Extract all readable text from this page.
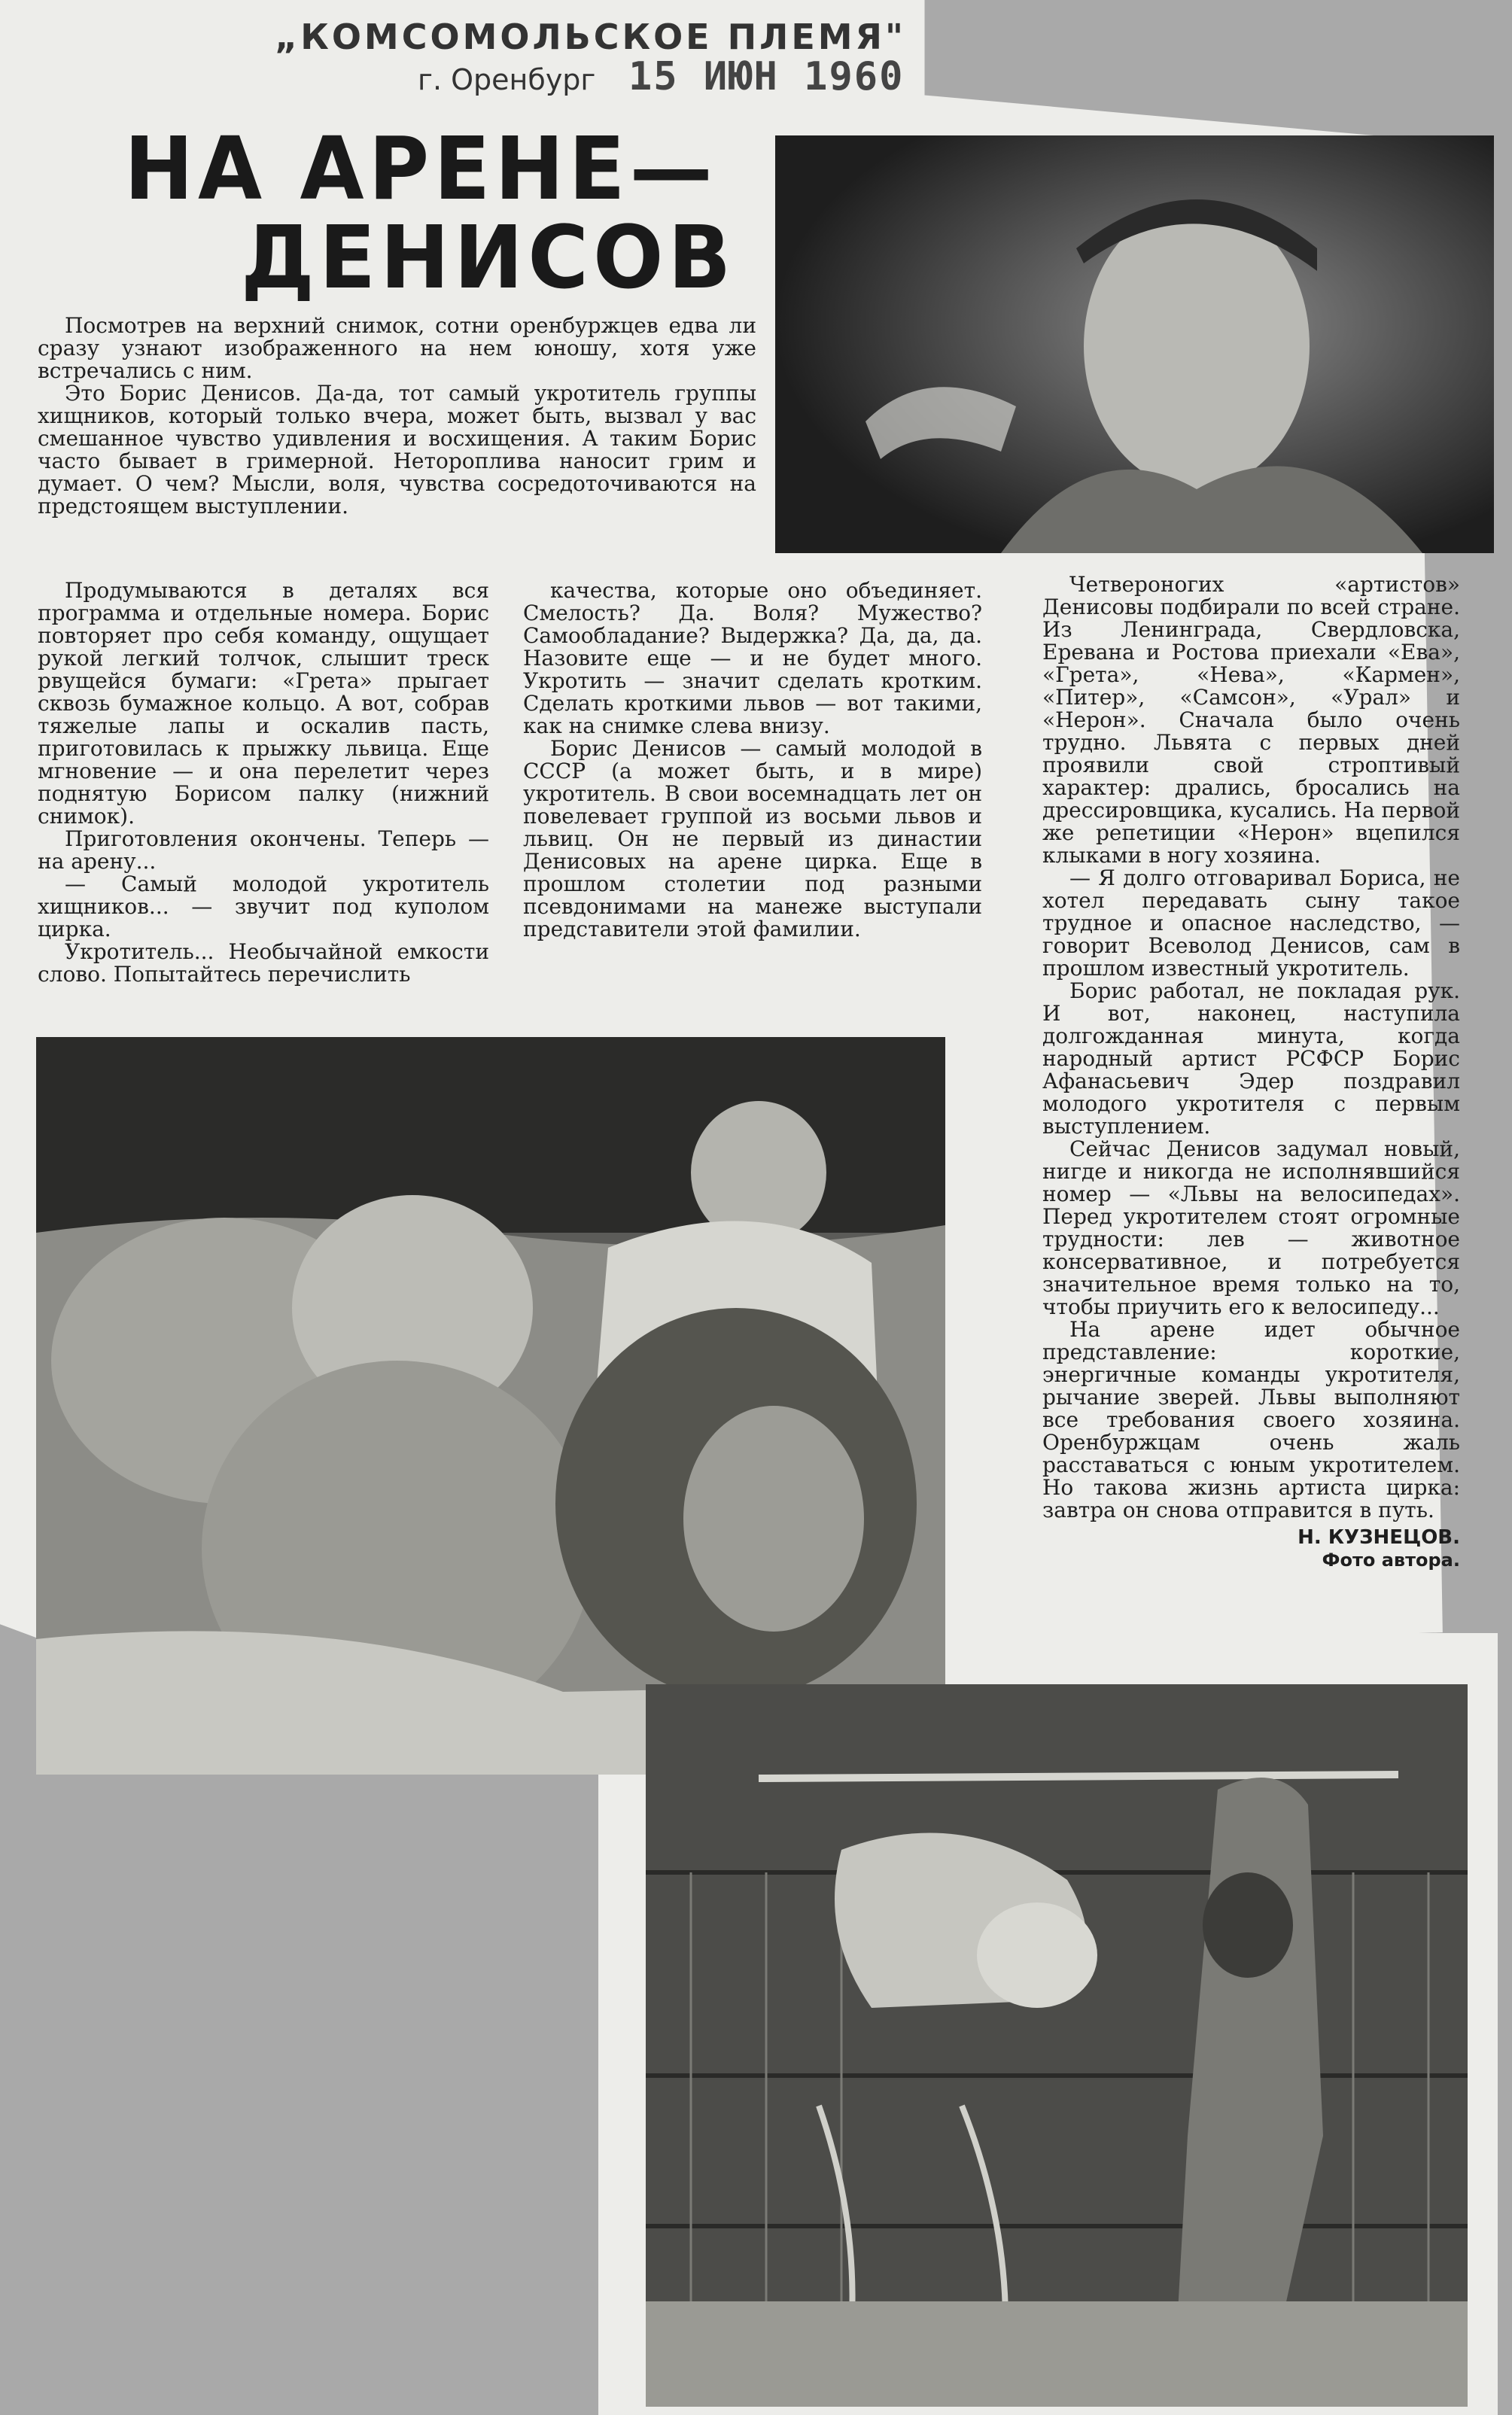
„КОМСОМОЛЬСКОЕ ПЛЕМЯ"
г. Оренбург 15 ИЮН 1960
НА АРЕНЕ—
ДЕНИСОВ

Посмотрев на верхний снимок, сотни оренбуржцев едва ли сразу узнают изображенного на нем юношу, хотя уже встречались с ним.

Это Борис Денисов. Да-да, тот самый укротитель группы хищников, который только вчера, может быть, вызвал у вас смешанное чувство удивления и восхищения. А таким Борис часто бывает в гримерной. Нетороплива наносит грим и думает. О чем? Мысли, воля, чувства сосредоточиваются на предстоящем выступлении.

Продумываются в деталях вся программа и отдельные номера. Борис повторяет про себя команду, ощущает рукой легкий толчок, слышит треск рвущейся бумаги: «Грета» прыгает сквозь бумажное кольцо. А вот, собрав тяжелые лапы и оскалив пасть, приготовилась к прыжку львица. Еще мгновение — и она перелетит через поднятую Борисом палку (нижний снимок).

Приготовления окончены. Теперь — на арену...

— Самый молодой укротитель хищников... — звучит под куполом цирка.

Укротитель... Необычайной емкости слово. Попытайтесь перечислить

качества, которые оно объединяет. Смелость? Да. Воля? Мужество? Самообладание? Выдержка? Да, да, да. Назовите еще — и не будет много. Укротить — значит сделать кротким. Сделать кроткими львов — вот такими, как на снимке слева внизу.

Борис Денисов — самый молодой в СССР (а может быть, и в мире) укротитель. В свои восемнадцать лет он повелевает группой из восьми львов и львиц. Он не первый из династии Денисовых на арене цирка. Еще в прошлом столетии под разными псевдонимами на манеже выступали представители этой фамилии.

Четвероногих «артистов» Денисовы подбирали по всей стране. Из Ленинграда, Свердловска, Еревана и Ростова приехали «Ева», «Грета», «Нева», «Кармен», «Питер», «Самсон», «Урал» и «Нерон». Сначала было очень трудно. Львята с первых дней проявили свой строптивый характер: дрались, бросались на дрессировщика, кусались. На первой же репетиции «Нерон» вцепился клыками в ногу хозяина.

— Я долго отговаривал Бориса, не хотел передавать сыну такое трудное и опасное наследство, — говорит Всеволод Денисов, сам в прошлом известный укротитель.

Борис работал, не покладая рук. И вот, наконец, наступила долгожданная минута, когда народный артист РСФСР Борис Афанасьевич Эдер поздравил молодого укротителя с первым выступлением.

Сейчас Денисов задумал новый, нигде и никогда не исполнявшийся номер — «Львы на велосипедах». Перед укротителем стоят огромные трудности: лев — животное консервативное, и потребуется значительное время только на то, чтобы приучить его к велосипеду...

На арене идет обычное представление: короткие, энергичные команды укротителя, рычание зверей. Львы выполняют все требования своего хозяина. Оренбуржцам очень жаль расставаться с юным укротителем. Но такова жизнь артиста цирка: завтра он снова отправится в путь.

Н. КУЗНЕЦОВ.
Фото автора.
